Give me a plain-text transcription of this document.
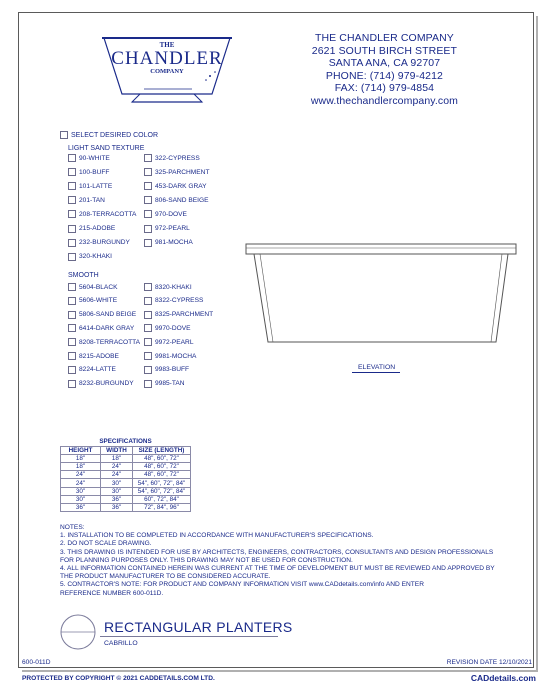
THE
CHANDLER
COMPANY
THE CHANDLER COMPANY
2621 SOUTH BIRCH STREET
SANTA ANA, CA 92707
PHONE: (714) 979-4212
FAX: (714) 979-4854
www.thechandlercompany.com
SELECT DESIRED COLOR
LIGHT SAND TEXTURE
90-WHITE
100-BUFF
101-LATTE
201-TAN
208-TERRACOTTA
215-ADOBE
232-BURGUNDY
320-KHAKI
322-CYPRESS
325-PARCHMENT
453-DARK GRAY
806-SAND BEIGE
970-DOVE
972-PEARL
981-MOCHA
SMOOTH
5604-BLACK
5606-WHITE
5806-SAND BEIGE
6414-DARK GRAY
8208-TERRACOTTA
8215-ADOBE
8224-LATTE
8232-BURGUNDY
8320-KHAKI
8322-CYPRESS
8325-PARCHMENT
9970-DOVE
9972-PEARL
9981-MOCHA
9983-BUFF
9985-TAN
ELEVATION
SPECIFICATIONS		
HEIGHT	WIDTH	SIZE (LENGTH)
18"	18"	48", 60", 72"
18"	24"	48", 60", 72"
24"	24"	48", 60", 72"
24"	30"	54", 60", 72", 84"
30"	30"	54", 60", 72", 84"
30"	36"	60", 72", 84"
36"	36"	72", 84", 96"
NOTES:
1. INSTALLATION TO BE COMPLETED IN ACCORDANCE WITH MANUFACTURER'S SPECIFICATIONS.
2. DO NOT SCALE DRAWING.
3. THIS DRAWING IS INTENDED FOR USE BY ARCHITECTS, ENGINEERS, CONTRACTORS, CONSULTANTS AND DESIGN PROFESSIONALS
FOR PLANNING PURPOSES ONLY. THIS DRAWING MAY NOT BE USED FOR CONSTRUCTION.
4. ALL INFORMATION CONTAINED HEREIN WAS CURRENT AT THE TIME OF DEVELOPMENT BUT MUST BE REVIEWED AND APPROVED BY
THE PRODUCT MANUFACTURER TO BE CONSIDERED ACCURATE.
5. CONTRACTOR'S NOTE: FOR PRODUCT AND COMPANY INFORMATION VISIT www.CADdetails.com/info AND ENTER
REFERENCE NUMBER 600-011D.
RECTANGULAR PLANTERS
CABRILLO
600-011D	REVISION DATE 12/10/2021
PROTECTED BY COPYRIGHT © 2021 CADDETAILS.COM LTD.	CADdetails.com
